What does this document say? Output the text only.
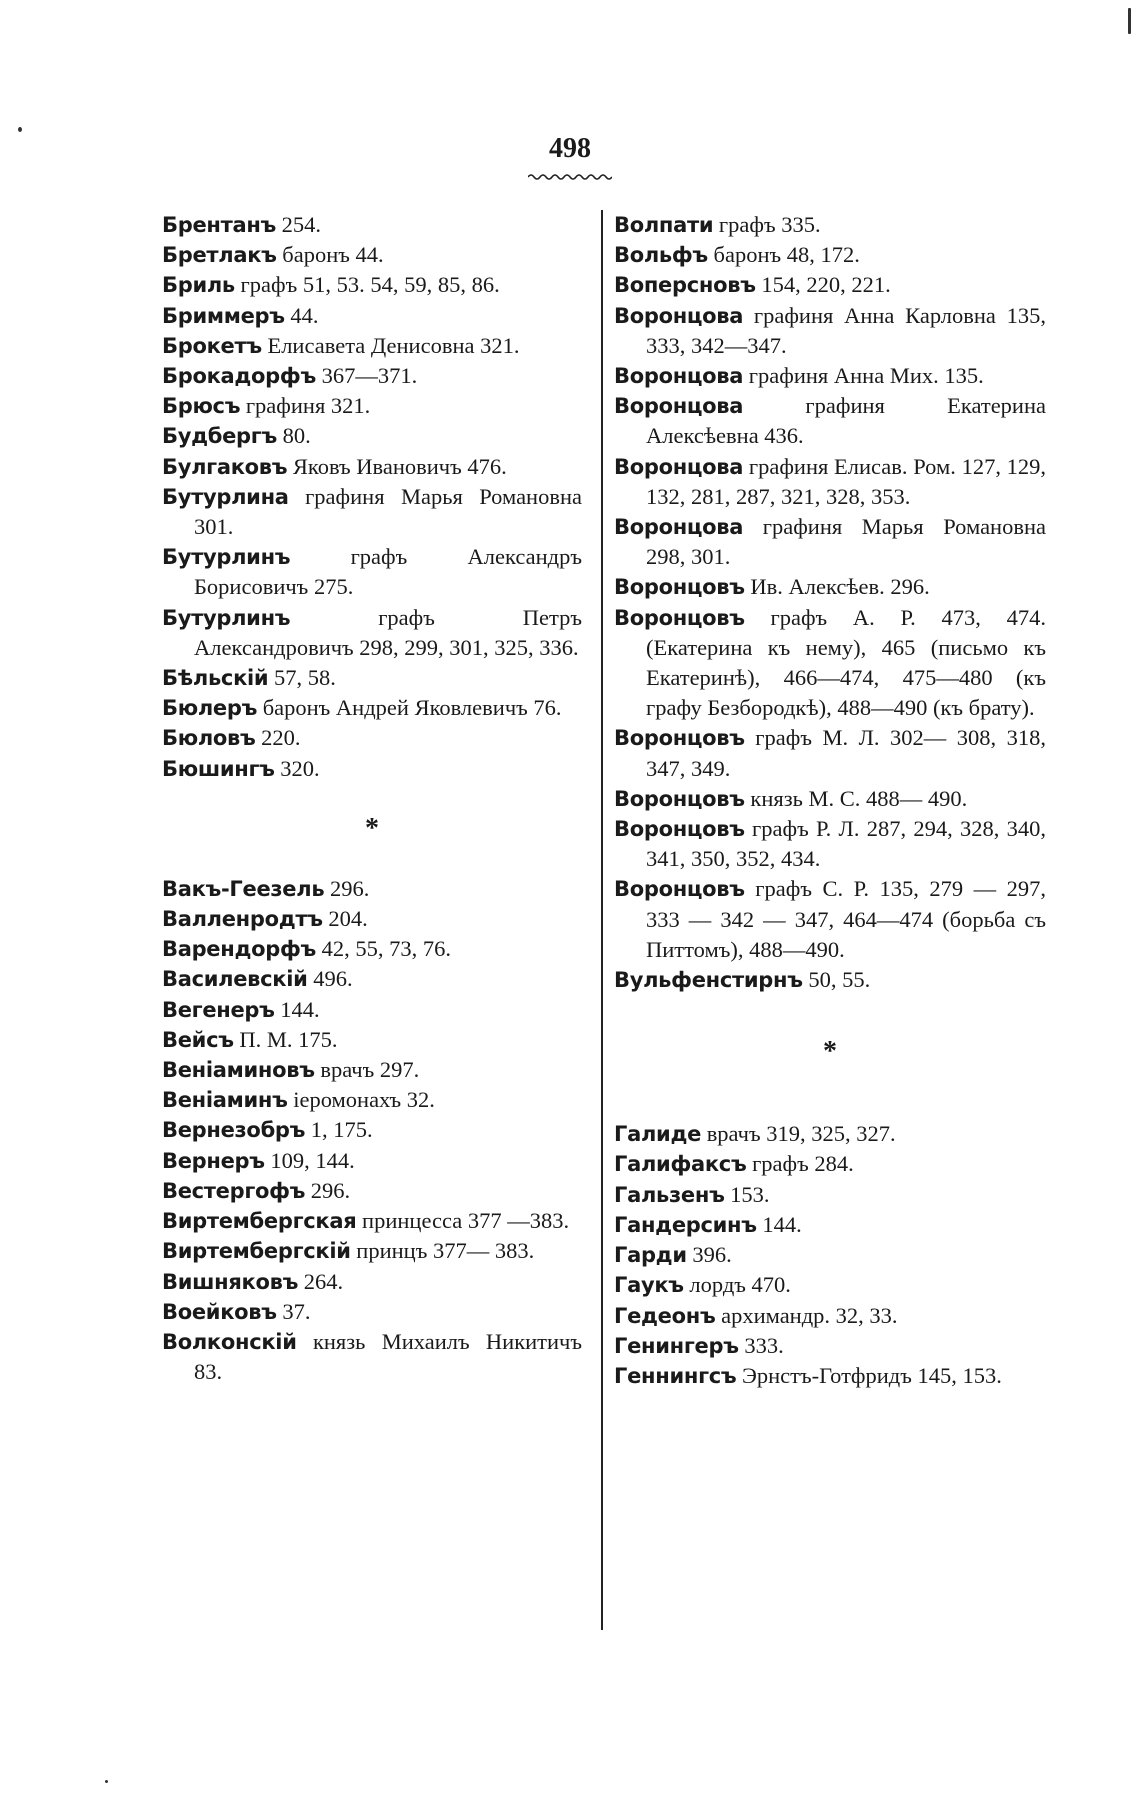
498

Брентанъ 254.

Бретлакъ баронъ 44.

Бриль графъ 51, 53. 54, 59, 85, 86.

Бриммеръ 44.

Брокетъ Елисавета Денисовна 321.

Брокадорфъ 367—371.

Брюсъ графиня 321.

Будбергъ 80.

Булгаковъ Яковъ Ивановичъ 476.

Бутурлина графиня Марья Романовна 301.

Бутурлинъ	графъ Александръ Борисовичъ 275.

Бутурлинъ	графъ Петръ Александровичъ 298, 299, 301, 325, 336.

Бѣльскій 57, 58.

Бюлеръ баронъ Андрей Яковлевичъ 76.

Бюловъ 220.

Бюшингъ 320.

*

Вакъ-Геезель 296.

Валленродтъ 204.

Варендорфъ 42, 55, 73, 76.

Василевскій 496.

Вегенеръ 144.

Вейсъ П. М. 175.

Веніаминовъ врачъ 297.

Веніаминъ іеромонахъ 32.

Вернезобръ 1, 175.

Вернеръ 109, 144.

Вестергофъ 296.

Виртембергская принцесса 377 —383.

Виртембергскій принцъ 377— 383.

Вишняковъ 264.

Воейковъ 37.

Волконскій князь Михаилъ Никитичъ 83.

Волпати графъ 335.

Вольфъ баронъ 48, 172.

Воперсновъ 154, 220, 221.

Воронцова графиня Анна Карловна 135, 333, 342—347.

Воронцова графиня Анна Мих. 135.

Воронцова	графиня Екатерина Алексѣевна 436.

Воронцова графиня Елисав. Ром. 127, 129, 132, 281, 287, 321, 328, 353.

Воронцова графиня Марья Романовна 298, 301.

Воронцовъ Ив. Алексѣев. 296.

Воронцовъ графъ А. Р. 473, 474. (Екатерина къ нему), 465 (письмо къ Екатеринѣ), 466—474, 475—480 (къ графу Безбородкѣ), 488—490 (къ брату).

Воронцовъ графъ М. Л. 302— 308, 318, 347, 349.

Воронцовъ князь М. С. 488— 490.

Воронцовъ графъ Р. Л. 287, 294, 328, 340, 341, 350, 352, 434.

Воронцовъ графъ С. Р. 135, 279 — 297, 333 — 342 — 347, 464—474 (борьба съ Питтомъ), 488—490.

Вульфенстирнъ 50, 55.

*

Галиде врачъ 319, 325, 327.

Галифаксъ графъ 284.

Гальзенъ 153.

Гандерсинъ 144.

Гарди 396.

Гаукъ лордъ 470.

Гедеонъ архимандр. 32, 33.

Генингеръ 333.

Геннингсъ Эрнстъ-Готфридъ 145, 153.
